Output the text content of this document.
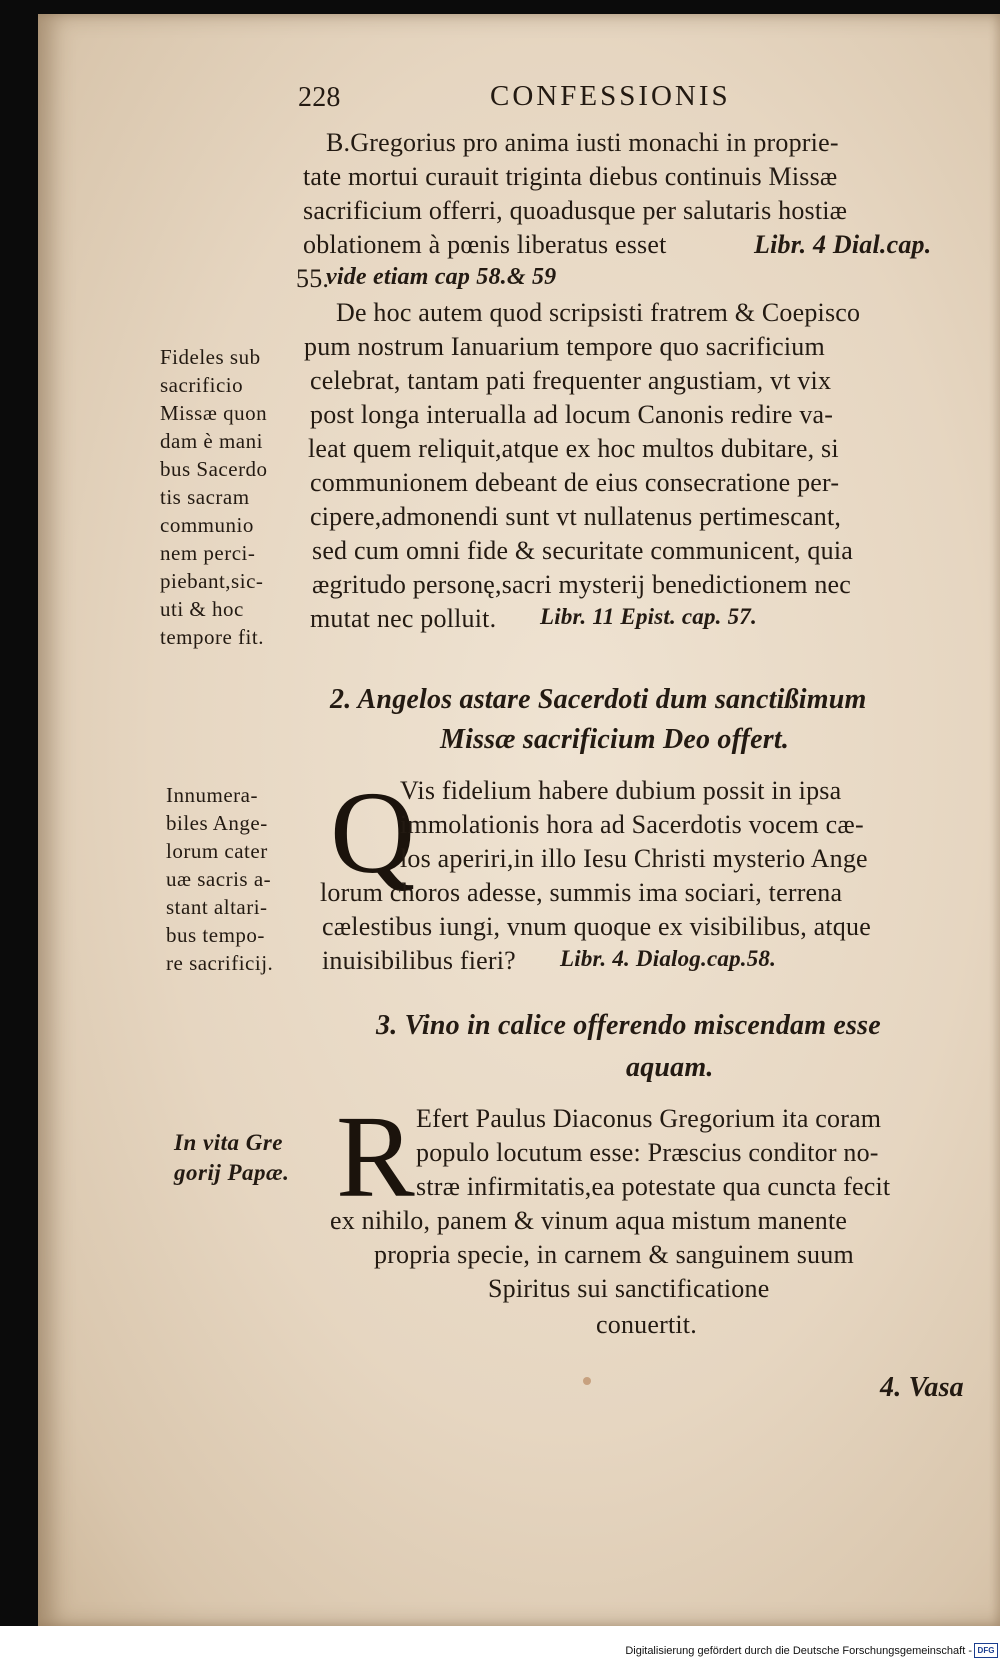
228	CONFESSIONIS
B.Gregorius pro anima iusti monachi in proprie-
tate mortui curauit triginta diebus continuis Missæ
sacrificium offerri, quoadusque per salutaris hostiæ
oblationem à pœnis liberatus esset	Libr. 4 Dial.cap.
55.
vide etiam cap 58.& 59
De hoc autem quod scripsisti fratrem & Coepisco
pum nostrum Ianuarium tempore quo sacrificium
celebrat, tantam pati frequenter angustiam, vt vix
post longa interualla ad locum Canonis redire va-
leat quem reliquit,atque ex hoc multos dubitare, si
communionem debeant de eius consecratione per-
cipere,admonendi sunt vt nullatenus pertimescant,
sed cum omni fide & securitate communicent, quia
ægritudo personę,sacri mysterij benedictionem nec
mutat nec polluit. Libr. 11 Epist. cap. 57.
Fideles sub
sacrificio
Missæ quon
dam è mani
bus Sacerdo
tis sacram
communio
nem perci-
piebant,sic-
uti & hoc
tempore fit.
2. Angelos astare Sacerdoti dum sanctißimum
Missæ sacrificium Deo offert.
Q
Vis fidelium habere dubium possit in ipsa
immolationis hora ad Sacerdotis vocem cæ-
los aperiri,in illo Iesu Christi mysterio Ange
lorum choros adesse, summis ima sociari, terrena
cælestibus iungi, vnum quoque ex visibilibus, atque
inuisibilibus fieri? Libr. 4. Dialog.cap.58.
Innumera-
biles Ange-
lorum cater
uæ sacris a-
stant altari-
bus tempo-
re sacrificij.
3. Vino in calice offerendo miscendam esse
aquam.
R Efert Paulus Diaconus Gregorium ita coram
populo locutum esse: Præscius conditor no-
stræ infirmitatis,ea potestate qua cuncta fecit
ex nihilo, panem & vinum aqua mistum manente
propria specie, in carnem & sanguinem suum
Spiritus sui sanctificatione
conuertit.
In vita Gre
gorij Papæ.
4. Vasa
Digitalisierung gefördert durch die Deutsche Forschungsgemeinschaft - DFG
